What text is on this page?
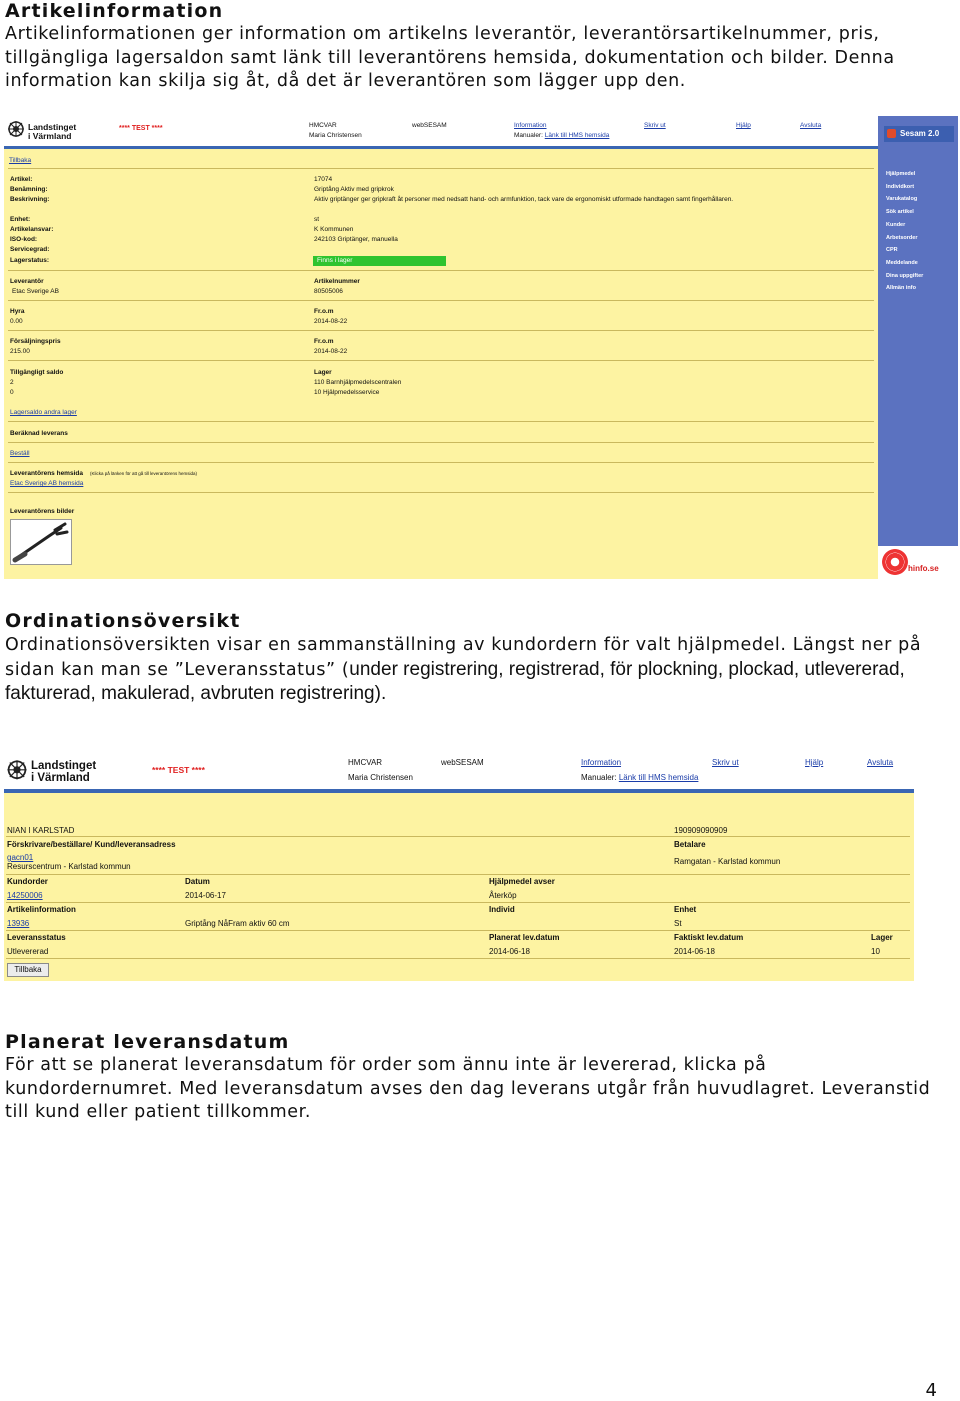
Artikelinformation
Artikelinformationen ger information om artikelns leverantör, leverantörsartikelnummer, pris, tillgängliga lagersaldon samt länk till leverantörens hemsida, dokumentation och bilder. Denna information kan skilja sig åt, då det är leverantören som lägger upp den.
Landstinget
i Värmland
**** TEST ****	HMCVAR
Maria Christensen
webSESAM	Information
Manualer: Länk till HMS hemsida
Skriv ut	Hjälp	Avsluta
Sesam 2.0
Hjälpmedel
Individkort
Varukatalog
Sök artikel
Kunder
Arbetsorder
CPR
Meddelande
Dina uppgifter
Allmän info
hinfo.se
Tillbaka
Artikel:	17074
Benämning:	Griptång Aktiv med gripkrok
Beskrivning:	Aktiv griptänger ger gripkraft åt personer med nedsatt hand- och armfunktion, tack vare de ergonomiskt utformade handtagen samt fingerhållaren.
Enhet:	st
Artikelansvar:	K Kommunen
ISO-kod:	242103 Griptänger, manuella
Servicegrad:
Lagerstatus:	Finns i lager
Leverantör	Artikelnummer
Etac Sverige AB	80505006
Hyra	Fr.o.m
0.00	2014-08-22
Försäljningspris	Fr.o.m
215.00	2014-08-22
Tillgängligt saldo	Lager
2	110 Barnhjälpmedelscentralen
0	10 Hjälpmedelsservice
Lagersaldo andra lager
Beräknad leverans
Beställ
Leverantörens hemsida (Klicka på länken för att gå till leverantörens hemsida)
Etac Sverige AB hemsida
Leverantörens bilder
Ordinationsöversikt
Ordinationsöversikten visar en sammanställning av kundordern för valt hjälpmedel. Längst ner på sidan kan man se ”Leveransstatus” (under registrering, registrerad, för plockning, plockad, utlevererad, fakturerad, makulerad, avbruten registrering).
Landstinget
i Värmland
**** TEST ****
HMCVAR
Maria Christensen
webSESAM	Information
Manualer: Länk till HMS hemsida
Skriv ut	Hjälp	Avsluta
NIAN I KARLSTAD	190909090909
Förskrivare/beställare/ Kund/leveransadress	Betalare
gacn01
Resurscentrum - Karlstad kommun
Ramgatan - Karlstad kommun
Kundorder	Datum	Hjälpmedel avser
14250006	2014-06-17	Återköp
Artikelinformation	Individ	Enhet
13936	Griptång NåFram aktiv 60 cm	St
Leveransstatus	Planerat lev.datum	Faktiskt lev.datum	Lager
Utlevererad	2014-06-18	2014-06-18	10
Tillbaka
Planerat leveransdatum
För att se planerat leveransdatum för order som ännu inte är levererad, klicka på kundordernumret. Med leveransdatum avses den dag leverans utgår från huvudlagret. Leveranstid till kund eller patient tillkommer.
4
